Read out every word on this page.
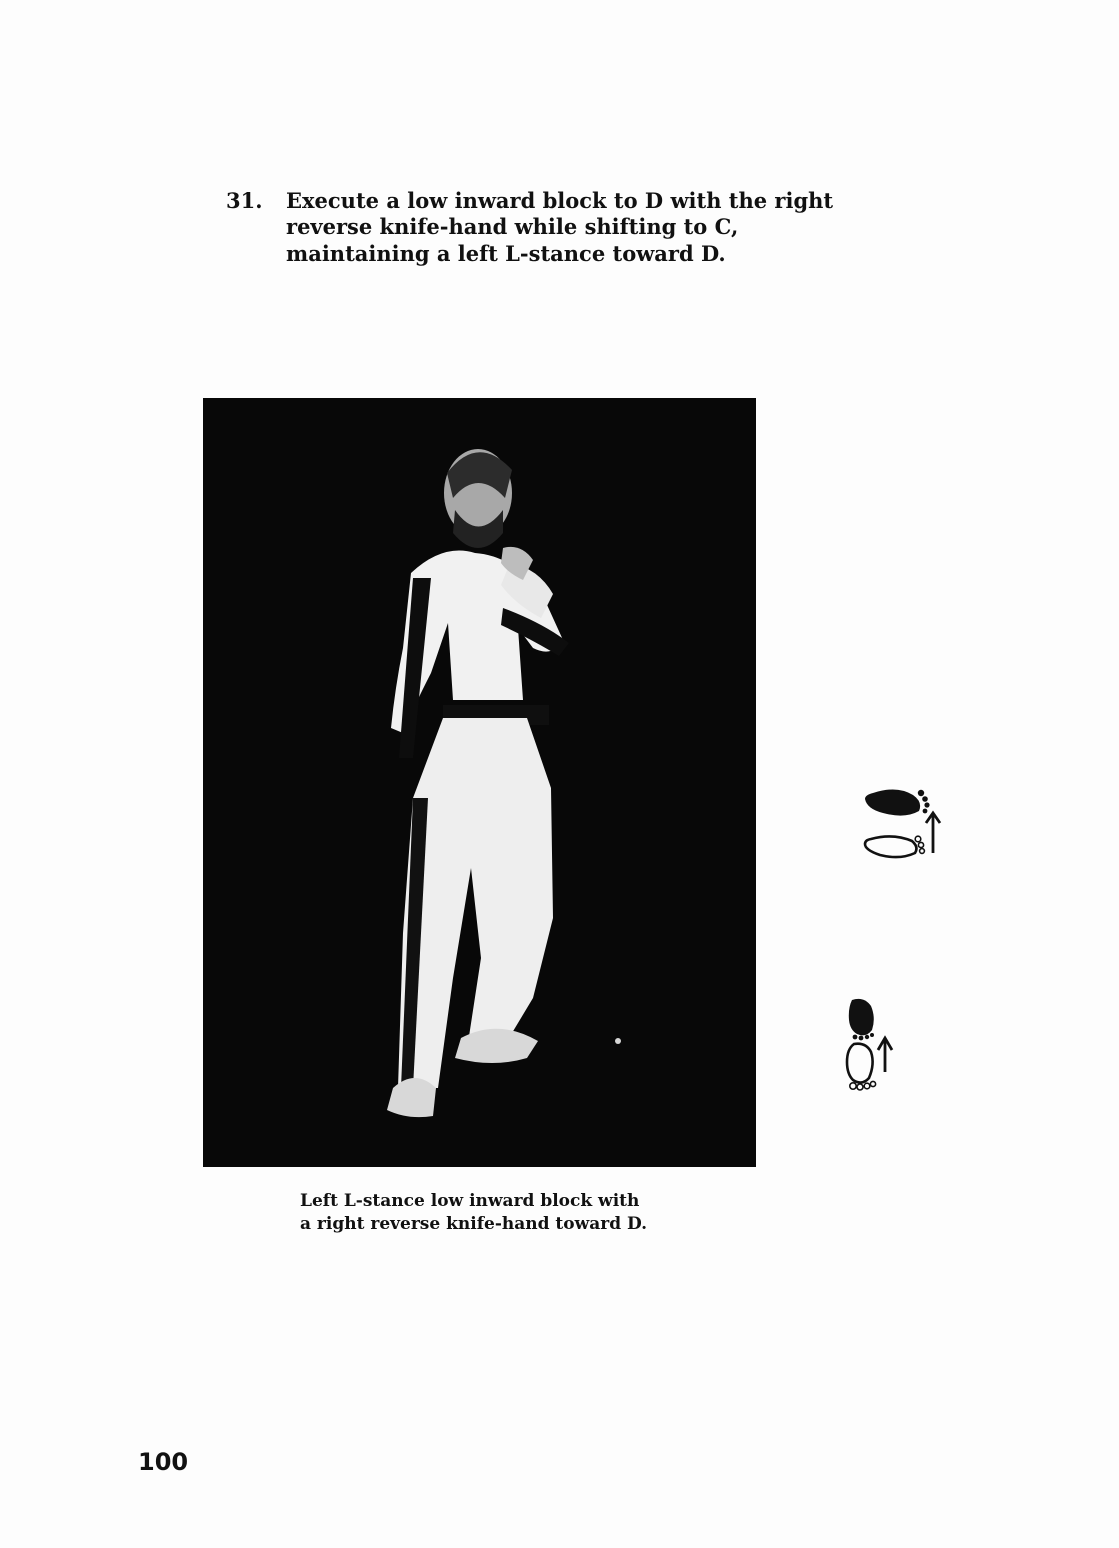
31. Execute a low inward block to D with the right reverse knife-hand while shifting to C, maintaining a left L-stance toward D.
Left L-stance low inward block with
a right reverse knife-hand toward D.
100
